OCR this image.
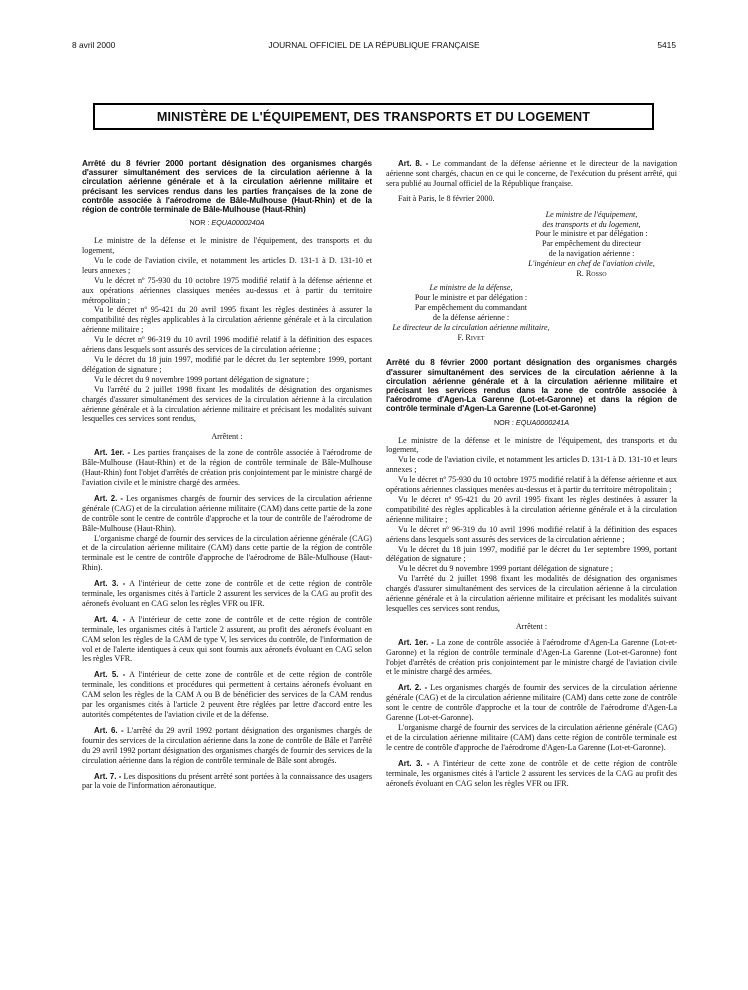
8 avril 2000	JOURNAL OFFICIEL DE LA RÉPUBLIQUE FRANÇAISE	5415
MINISTÈRE DE L'ÉQUIPEMENT, DES TRANSPORTS ET DU LOGEMENT

Arrêté du 8 février 2000 portant désignation des organismes chargés d'assurer simultanément des services de la circulation aérienne à la circulation aérienne générale et à la circulation aérienne militaire et précisant les services rendus dans les parties françaises de la zone de contrôle associée à l'aérodrome de Bâle-Mulhouse (Haut-Rhin) et de la région de contrôle terminale de Bâle-Mulhouse (Haut-Rhin)

NOR : EQUA0000240A

Le ministre de la défense et le ministre de l'équipement, des transports et du logement,

Vu le code de l'aviation civile, et notamment les articles D. 131-1 à D. 131-10 et leurs annexes ;

Vu le décret nº 75-930 du 10 octobre 1975 modifié relatif à la défense aérienne et aux opérations aériennes classiques menées au-dessus et à partir du territoire métropolitain ;

Vu le décret nº 95-421 du 20 avril 1995 fixant les règles destinées à assurer la compatibilité des règles applicables à la circulation aérienne générale et à la circulation aérienne militaire ;

Vu le décret nº 96-319 du 10 avril 1996 modifié relatif à la définition des espaces aériens dans lesquels sont assurés des services de la circulation aérienne ;

Vu le décret du 18 juin 1997, modifié par le décret du 1er septembre 1999, portant délégation de signature ;

Vu le décret du 9 novembre 1999 portant délégation de signature ;

Vu l'arrêté du 2 juillet 1998 fixant les modalités de désignation des organismes chargés d'assurer simultanément des services de la circulation aérienne à la circulation aérienne générale et à la circulation aérienne militaire et précisant les modalités suivant lesquelles ces services sont rendus,

Arrêtent :

Art. 1er. - Les parties françaises de la zone de contrôle associée à l'aérodrome de Bâle-Mulhouse (Haut-Rhin) et de la région de contrôle terminale de Bâle-Mulhouse (Haut-Rhin) font l'objet d'arrêtés de création pris conjointement par le ministre chargé de l'aviation civile et le ministre chargé des armées.

Art. 2. - Les organismes chargés de fournir des services de la circulation aérienne générale (CAG) et de la circulation aérienne militaire (CAM) dans cette partie de la zone de contrôle sont le centre de contrôle d'approche et la tour de contrôle de l'aérodrome de Bâle-Mulhouse (Haut-Rhin).

L'organisme chargé de fournir des services de la circulation aérienne générale (CAG) et de la circulation aérienne militaire (CAM) dans cette partie de la région de contrôle terminale est le centre de contrôle d'approche de l'aérodrome de Bâle-Mulhouse (Haut-Rhin).

Art. 3. - A l'intérieur de cette zone de contrôle et de cette région de contrôle terminale, les organismes cités à l'article 2 assurent les services de la CAG au profit des aéronefs évoluant en CAG selon les règles VFR ou IFR.

Art. 4. - A l'intérieur de cette zone de contrôle et de cette région de contrôle terminale, les organismes cités à l'article 2 assurent, au profit des aéronefs évoluant en CAM selon les règles de la CAM de type V, les services du contrôle, de l'information de vol et de l'alerte identiques à ceux qui sont fournis aux aéronefs évoluant en CAG selon les règles VFR.

Art. 5. - A l'intérieur de cette zone de contrôle et de cette région de contrôle terminale, les conditions et procédures qui permettent à certains aéronefs évoluant en CAM selon les règles de la CAM A ou B de bénéficier des services de la CAM rendus par les organismes cités à l'article 2 peuvent être réglées par lettre d'accord entre les autorités compétentes de l'aviation civile et de la défense.

Art. 6. - L'arrêté du 29 avril 1992 portant désignation des organismes chargés de fournir des services de la circulation aérienne dans la zone de contrôle de Bâle et l'arrêté du 29 avril 1992 portant désignation des organismes chargés de fournir des services de la circulation aérienne dans la région de contrôle terminale de Bâle sont abrogés.

Art. 7. - Les dispositions du présent arrêté sont portées à la connaissance des usagers par la voie de l'information aéronautique.

Art. 8. - Le commandant de la défense aérienne et le directeur de la navigation aérienne sont chargés, chacun en ce qui le concerne, de l'exécution du présent arrêté, qui sera publié au Journal officiel de la République française.

Fait à Paris, le 8 février 2000.

Le ministre de l'équipement,
des transports et du logement,
Pour le ministre et par délégation :
Par empêchement du directeur
de la navigation aérienne :
L'ingénieur en chef de l'aviation civile,
R. Rosso
Le ministre de la défense,
Pour le ministre et par délégation :
Par empêchement du commandant
de la défense aérienne :
Le directeur de la circulation aérienne militaire,
F. Rivet

Arrêté du 8 février 2000 portant désignation des organismes chargés d'assurer simultanément des services de la circulation aérienne à la circulation aérienne générale et à la circulation aérienne militaire et précisant les services rendus dans la zone de contrôle associée à l'aérodrome d'Agen-La Garenne (Lot-et-Garonne) et dans la région de contrôle terminale d'Agen-La Garenne (Lot-et-Garonne)

NOR : EQUA0000241A

Le ministre de la défense et le ministre de l'équipement, des transports et du logement,

Vu le code de l'aviation civile, et notamment les articles D. 131-1 à D. 131-10 et leurs annexes ;

Vu le décret nº 75-930 du 10 octobre 1975 modifié relatif à la défense aérienne et aux opérations aériennes classiques menées au-dessus et à partir du territoire métropolitain ;

Vu le décret nº 95-421 du 20 avril 1995 fixant les règles destinées à assurer la compatibilité des règles applicables à la circulation aérienne générale et à la circulation aérienne militaire ;

Vu le décret nº 96-319 du 10 avril 1996 modifié relatif à la définition des espaces aériens dans lesquels sont assurés des services de la circulation aérienne ;

Vu le décret du 18 juin 1997, modifié par le décret du 1er septembre 1999, portant délégation de signature ;

Vu le décret du 9 novembre 1999 portant délégation de signature ;

Vu l'arrêté du 2 juillet 1998 fixant les modalités de désignation des organismes chargés d'assurer simultanément des services de la circulation aérienne à la circulation aérienne générale et à la circulation aérienne militaire et précisant les modalités suivant lesquelles ces services sont rendus,

Arrêtent :

Art. 1er. - La zone de contrôle associée à l'aérodrome d'Agen-La Garenne (Lot-et-Garonne) et la région de contrôle terminale d'Agen-La Garenne (Lot-et-Garonne) font l'objet d'arrêtés de création pris conjointement par le ministre chargé de l'aviation civile et le ministre chargé des armées.

Art. 2. - Les organismes chargés de fournir des services de la circulation aérienne générale (CAG) et de la circulation aérienne militaire (CAM) dans cette zone de contrôle sont le centre de contrôle d'approche et la tour de contrôle de l'aérodrome d'Agen-La Garenne (Lot-et-Garonne).

L'organisme chargé de fournir des services de la circulation aérienne générale (CAG) et de la circulation aérienne militaire (CAM) dans cette région de contrôle terminale est le centre de contrôle d'approche de l'aérodrome d'Agen-La Garenne (Lot-et-Garonne).

Art. 3. - A l'intérieur de cette zone de contrôle et de cette région de contrôle terminale, les organismes cités à l'article 2 assurent les services de la CAG au profit des aéronefs évoluant en CAG selon les règles VFR ou IFR.
